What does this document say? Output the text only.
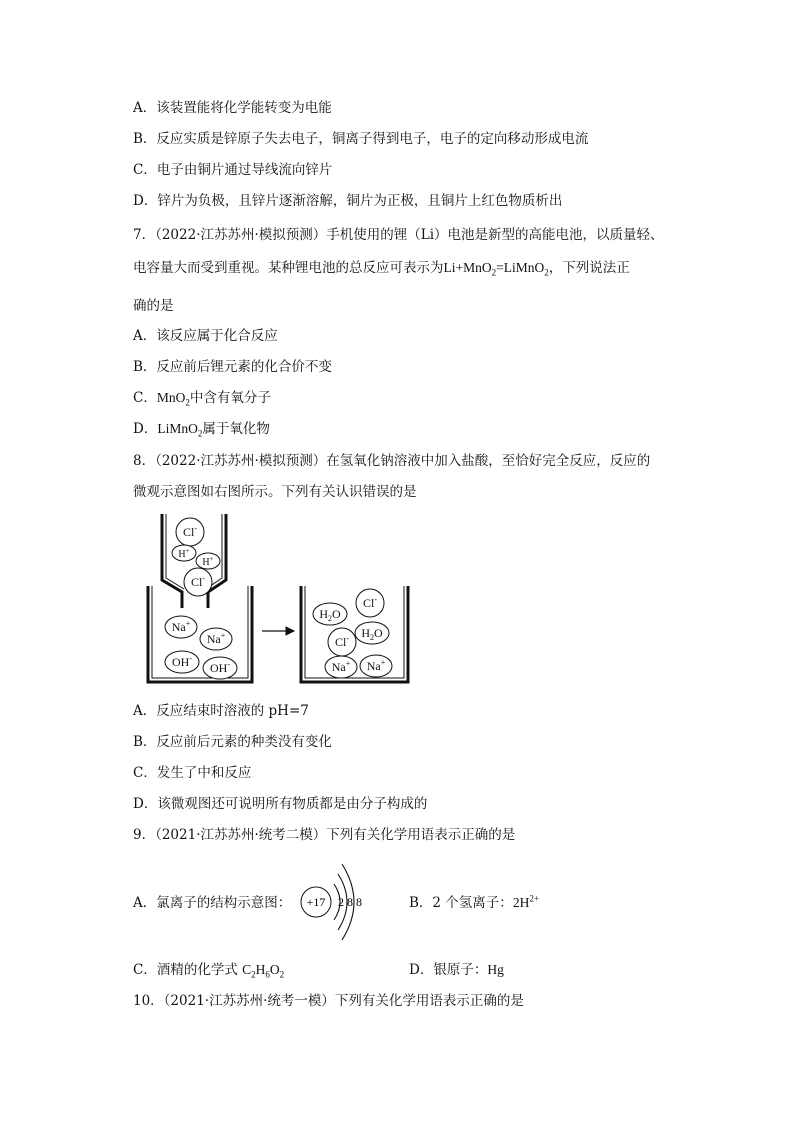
A．该装置能将化学能转变为电能
B．反应实质是锌原子失去电子，铜离子得到电子，电子的定向移动形成电流
C．电子由铜片通过导线流向锌片
D．锌片为负极，且锌片逐渐溶解，铜片为正极，且铜片上红色物质析出
7．（2022·江苏苏州·模拟预测）手机使用的锂（Li）电池是新型的高能电池，以质量轻、
电容量大而受到重视。某种锂电池的总反应可表示为Li+MnO$_2$=LiMnO$_2$，下列说法正
确的是
A．该反应属于化合反应
B．反应前后锂元素的化合价不变
C．MnO$_2$中含有氧分子
D．LiMnO$_2$属于氧化物
8．（2022·江苏苏州·模拟预测）在氢氧化钠溶液中加入盐酸，至恰好完全反应，反应的
微观示意图如右图所示。下列有关认识错误的是
Cl-
H+
H+
Cl-
Na+
Na+
OH-
OH-
$H_2O$
Cl-
$H_2O$
Cl-
Na+ Na+
A．反应结束时溶液的 pH=7
B．反应前后元素的种类没有变化
C．发生了中和反应
D．该微观图还可说明所有物质都是由分子构成的
9．（2021·江苏苏州·统考二模）下列有关化学用语表示正确的是
A．氯离子的结构示意图： +17 2 8 8	B．2 个氢离子：$2H^{2+}$
C．酒精的化学式 $C_2H_6O_2$	D．银原子：Hg
10．（2021·江苏苏州·统考一模）下列有关化学用语表示正确的是
